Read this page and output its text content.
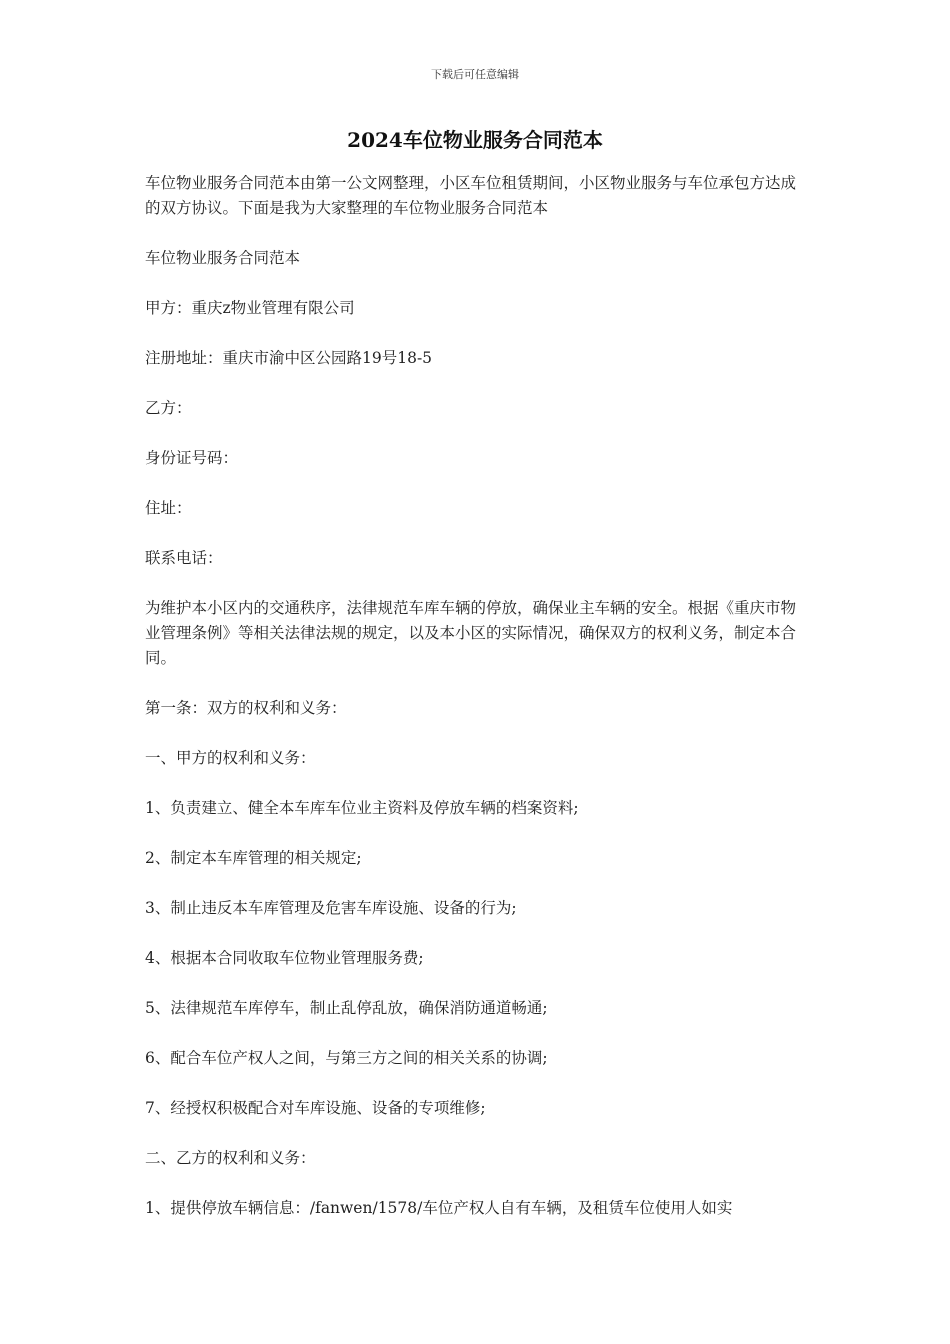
下载后可任意编辑
2024车位物业服务合同范本

车位物业服务合同范本由第一公文网整理，小区车位租赁期间，小区物业服务与车位承包方达成的双方协议。下面是我为大家整理的车位物业服务合同范本

车位物业服务合同范本

甲方：重庆z物业管理有限公司

注册地址：重庆市渝中区公园路19号18-5

乙方：

身份证号码：

住址：

联系电话：

为维护本小区内的交通秩序，法律规范车库车辆的停放，确保业主车辆的安全。根据《重庆市物业管理条例》等相关法律法规的规定，以及本小区的实际情况，确保双方的权利义务，制定本合同。

第一条：双方的权利和义务：

一、甲方的权利和义务：

1、负责建立、健全本车库车位业主资料及停放车辆的档案资料;

2、制定本车库管理的相关规定;

3、制止违反本车库管理及危害车库设施、设备的行为;

4、根据本合同收取车位物业管理服务费;

5、法律规范车库停车，制止乱停乱放，确保消防通道畅通;

6、配合车位产权人之间，与第三方之间的相关关系的协调;

7、经授权积极配合对车库设施、设备的专项维修;

二、乙方的权利和义务：

1、提供停放车辆信息：/fanwen/1578/车位产权人自有车辆，及租赁车位使用人如实
